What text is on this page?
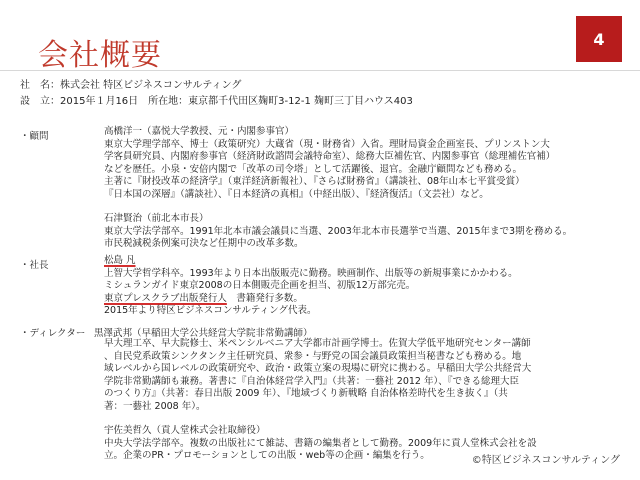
会社概要	4
社　名：株式会社 特区ビジネスコンサルティング
設　立：2015年１月16日　所在地：東京都千代田区麹町3-12-1 麹町三丁目ハウス403
・顧問	高橋洋一（嘉悦大学教授、元・内閣参事官）
東京大学理学部卒、博士（政策研究）大蔵省（現・財務省）入省。理財局資金企画室長、プリンストン大
学客員研究員、内閣府参事官（経済財政諮問会議特命室）、総務大臣補佐官、内閣参事官（総理補佐官補）
などを歴任。小泉・安倍内閣で「改革の司令塔」として活躍後、退官。金融庁顧問なども務める。
主著に『財投改革の経済学』（東洋経済新報社）、『さらば財務省』（講談社、08年山本七平賞受賞）
『日本国の深層』（講談社）、『日本経済の真相』（中経出版）、『経済復活』（文芸社）など。
石津賢治（前北本市長）
東京大学法学部卒。1991年北本市議会議員に当選、2003年北本市長選挙で当選、2015年まで3期を務める。
市民税減税条例案可決など任期中の改革多数。
・社長	松島 凡
上智大学哲学科卒。1993年より日本出版販売に勤務。映画制作、出版等の新規事業にかかわる。
ミシュランガイド東京2008の日本側販売企画を担当、初版12万部完売。
東京プレスクラブ出版発行人　書籍発行多数。
2015年より特区ビジネスコンサルティング代表。
・ディレクター 黒澤武邦（早稲田大学公共経営大学院非常勤講師）
早大理工卒、早大院修士、米ペンシルベニア大学都市計画学博士。佐賀大学低平地研究センター講師
、自民党系政策シンクタンク主任研究員、衆参・与野党の国会議員政策担当秘書なども務める。地
域レベルから国レベルの政策研究や、政治・政策立案の現場に研究に携わる。早稲田大学公共経営大
学院非常勤講師も兼務。著書に『自治体経営学入門』（共著：一藝社 2012 年）、『できる総理大臣
のつくり方』（共著：春日出版 2009 年）、『地域づくり新戦略 自治体格差時代を生き抜く』（共
著：一藝社 2008 年）。
宇佐美哲久（貢人堂株式会社取締役）
中央大学法学部卒。複数の出版社にて雑誌、書籍の編集者として勤務。2009年に貢人堂株式会社を設
立。企業のPR・プロモーションとしての出版・web等の企画・編集を行う。	©特区ビジネスコンサルティング
